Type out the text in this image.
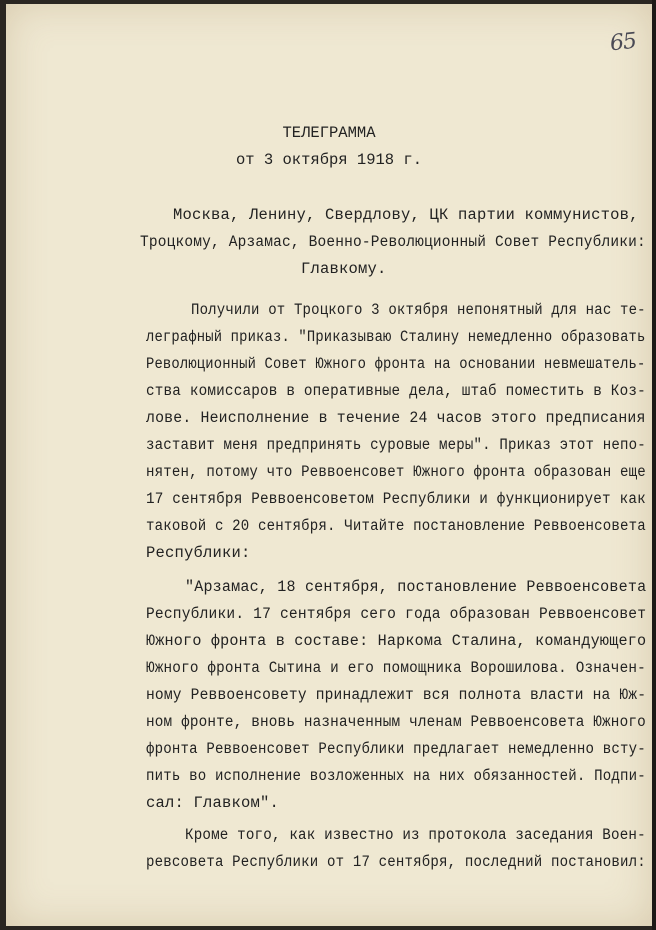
65
ТЕЛЕГРАММА
от 3 октября 1918 г.
Москва, Ленину, Свердлову, ЦК партии коммунистов,
Троцкому, Арзамас, Военно-Революционный Совет Республики:
Главкому.
Получили от Троцкого 3 октября непонятный для нас те-
леграфный приказ. "Приказываю Сталину немедленно образовать
Революционный Совет Южного фронта на основании невмешатель-
ства комиссаров в оперативные дела, штаб поместить в Коз-
лове. Неисполнение в течение 24 часов этого предписания
заставит меня предпринять суровые меры". Приказ этот непо-
нятен, потому что Реввоенсовет Южного фронта образован еще
17 сентября Реввоенсоветом Республики и функционирует как
таковой с 20 сентября. Читайте постановление Реввоенсовета
Республики:
"Арзамас, 18 сентября, постановление Реввоенсовета
Республики. 17 сентября сего года образован Реввоенсовет
Южного фронта в составе: Наркома Сталина, командующего
Южного фронта Сытина и его помощника Ворошилова. Означен-
ному Реввоенсовету принадлежит вся полнота власти на Юж-
ном фронте, вновь назначенным членам Реввоенсовета Южного
фронта Реввоенсовет Республики предлагает немедленно всту-
пить во исполнение возложенных на них обязанностей. Подпи-
сал: Главком".
Кроме того, как известно из протокола заседания Воен-
ревсовета Республики от 17 сентября, последний постановил:
